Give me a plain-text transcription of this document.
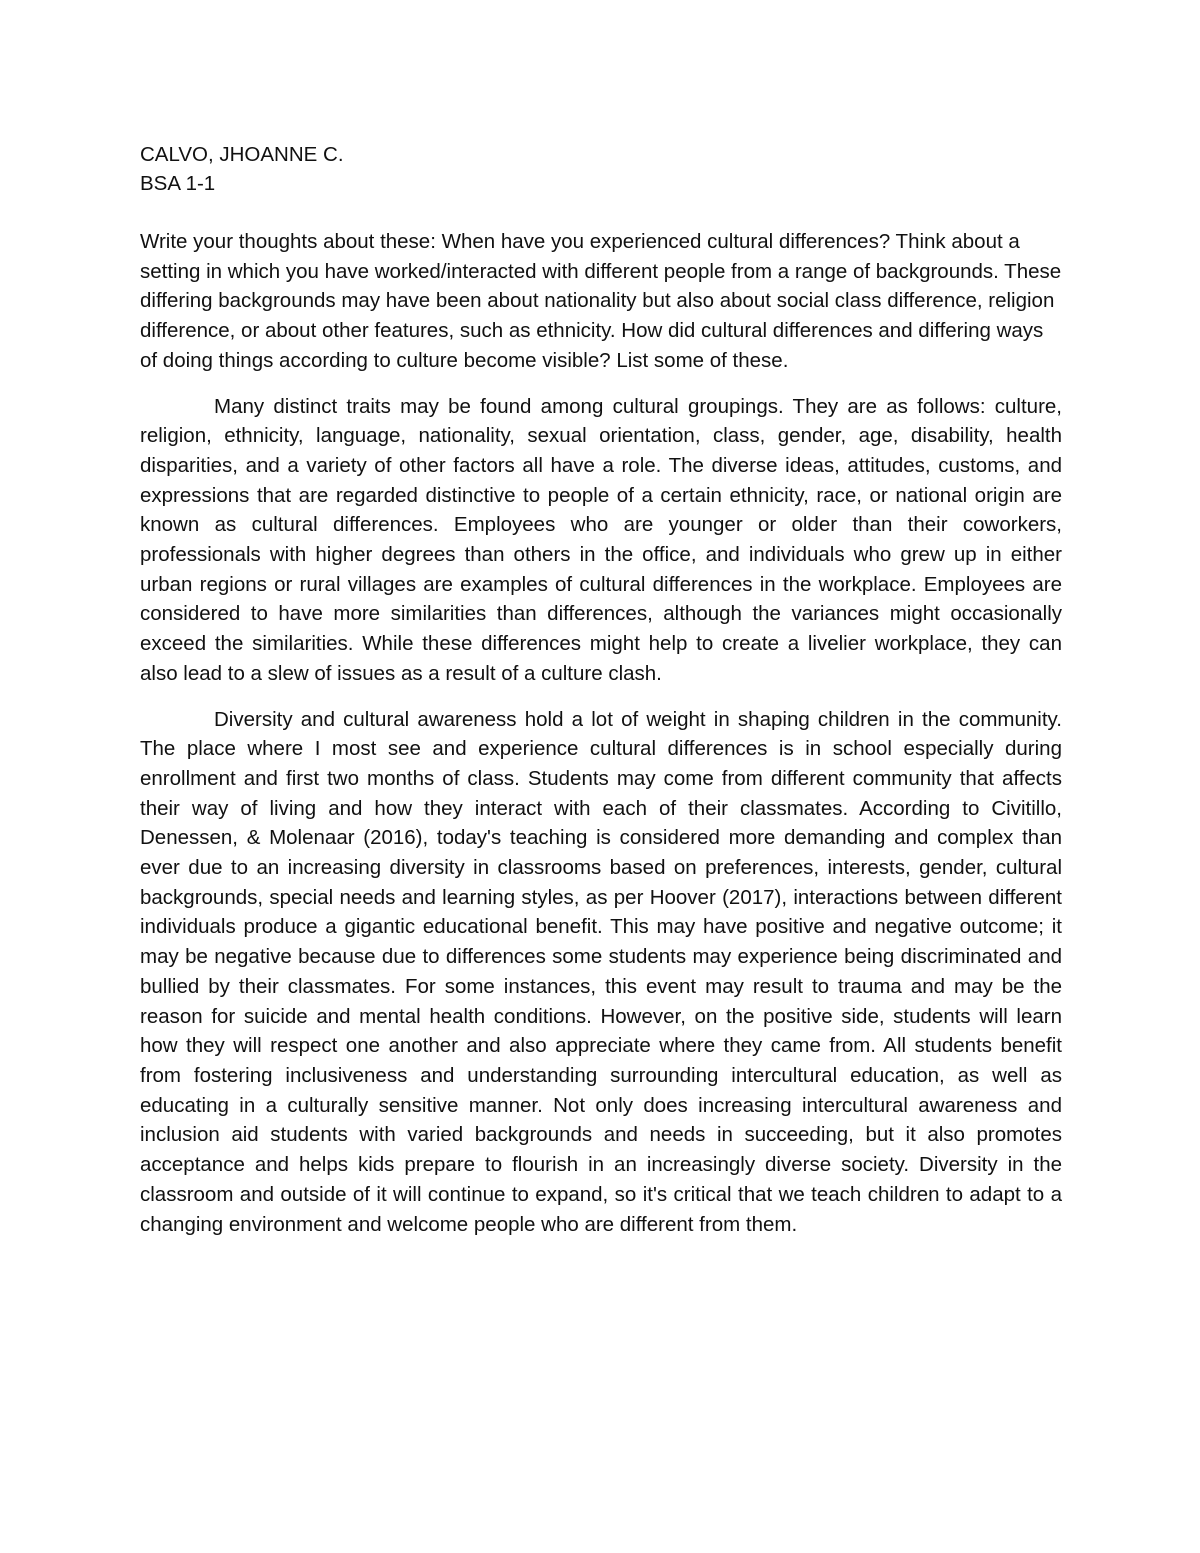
CALVO, JHOANNE C.

BSA 1-1

Write your thoughts about these: When have you experienced cultural differences? Think about a setting in which you have worked/interacted with different people from a range of backgrounds. These differing backgrounds may have been about nationality but also about social class difference, religion difference, or about other features, such as ethnicity. How did cultural differences and differing ways of doing things according to culture become visible? List some of these.

Many distinct traits may be found among cultural groupings. They are as follows: culture, religion, ethnicity, language, nationality, sexual orientation, class, gender, age, disability, health disparities, and a variety of other factors all have a role. The diverse ideas, attitudes, customs, and expressions that are regarded distinctive to people of a certain ethnicity, race, or national origin are known as cultural differences. Employees who are younger or older than their coworkers, professionals with higher degrees than others in the office, and individuals who grew up in either urban regions or rural villages are examples of cultural differences in the workplace. Employees are considered to have more similarities than differences, although the variances might occasionally exceed the similarities. While these differences might help to create a livelier workplace, they can also lead to a slew of issues as a result of a culture clash.

Diversity and cultural awareness hold a lot of weight in shaping children in the community. The place where I most see and experience cultural differences is in school especially during enrollment and first two months of class. Students may come from different community that affects their way of living and how they interact with each of their classmates. According to Civitillo, Denessen, & Molenaar (2016), today's teaching is considered more demanding and complex than ever due to an increasing diversity in classrooms based on preferences, interests, gender, cultural backgrounds, special needs and learning styles, as per Hoover (2017), interactions between different individuals produce a gigantic educational benefit. This may have positive and negative outcome; it may be negative because due to differences some students may experience being discriminated and bullied by their classmates. For some instances, this event may result to trauma and may be the reason for suicide and mental health conditions. However, on the positive side, students will learn how they will respect one another and also appreciate where they came from. All students benefit from fostering inclusiveness and understanding surrounding intercultural education, as well as educating in a culturally sensitive manner. Not only does increasing intercultural awareness and inclusion aid students with varied backgrounds and needs in succeeding, but it also promotes acceptance and helps kids prepare to flourish in an increasingly diverse society. Diversity in the classroom and outside of it will continue to expand, so it's critical that we teach children to adapt to a changing environment and welcome people who are different from them.
